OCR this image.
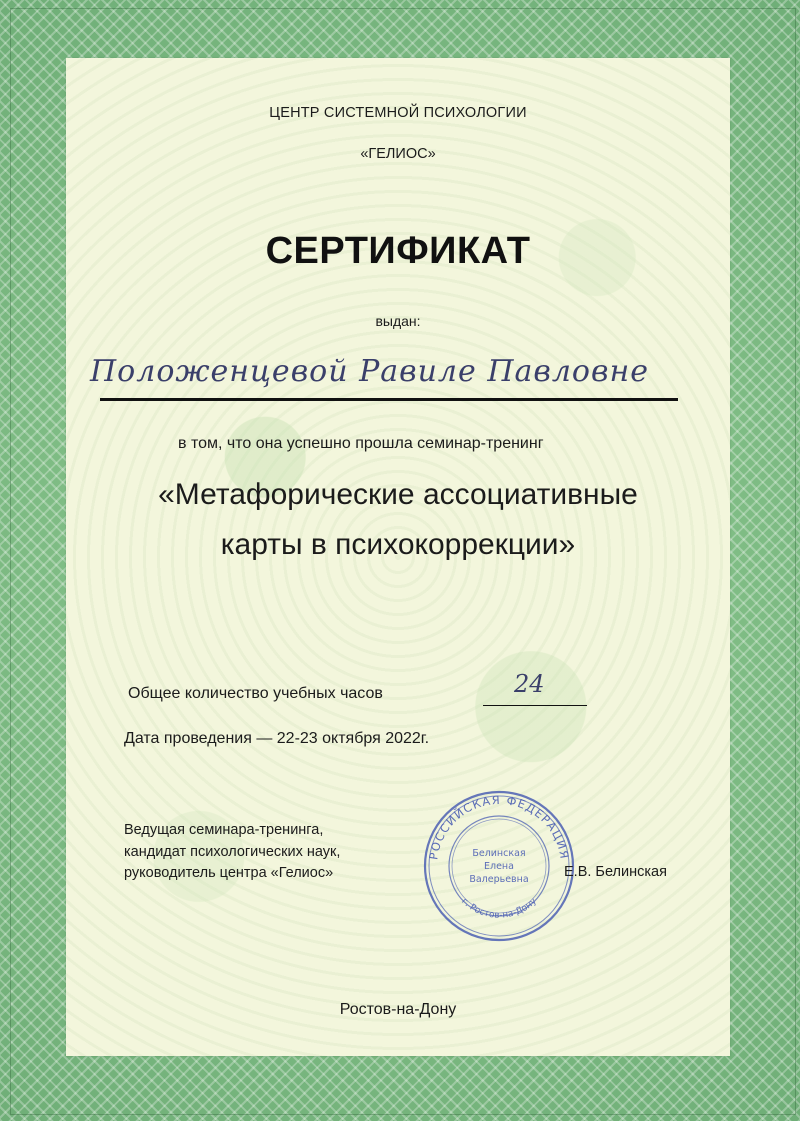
ЦЕНТР СИСТЕМНОЙ ПСИХОЛОГИИ
«ГЕЛИОС»
СЕРТИФИКАТ
выдан:
Положенцевой Равиле Павловне
в том, что она успешно прошла семинар-тренинг
«Метафорические ассоциативные
карты в психокоррекции»
Общее количество учебных часов	24
Дата проведения — 22-23 октября 2022г.
Ведущая семинара-тренинга,
кандидат психологических наук,
руководитель центра «Гелиос»
РОССИЙСКАЯ ФЕДЕРАЦИЯ
г. Ростов-на-Дону
Белинская
Елена
Валерьевна Е.В. Белинская
Ростов-на-Дону
